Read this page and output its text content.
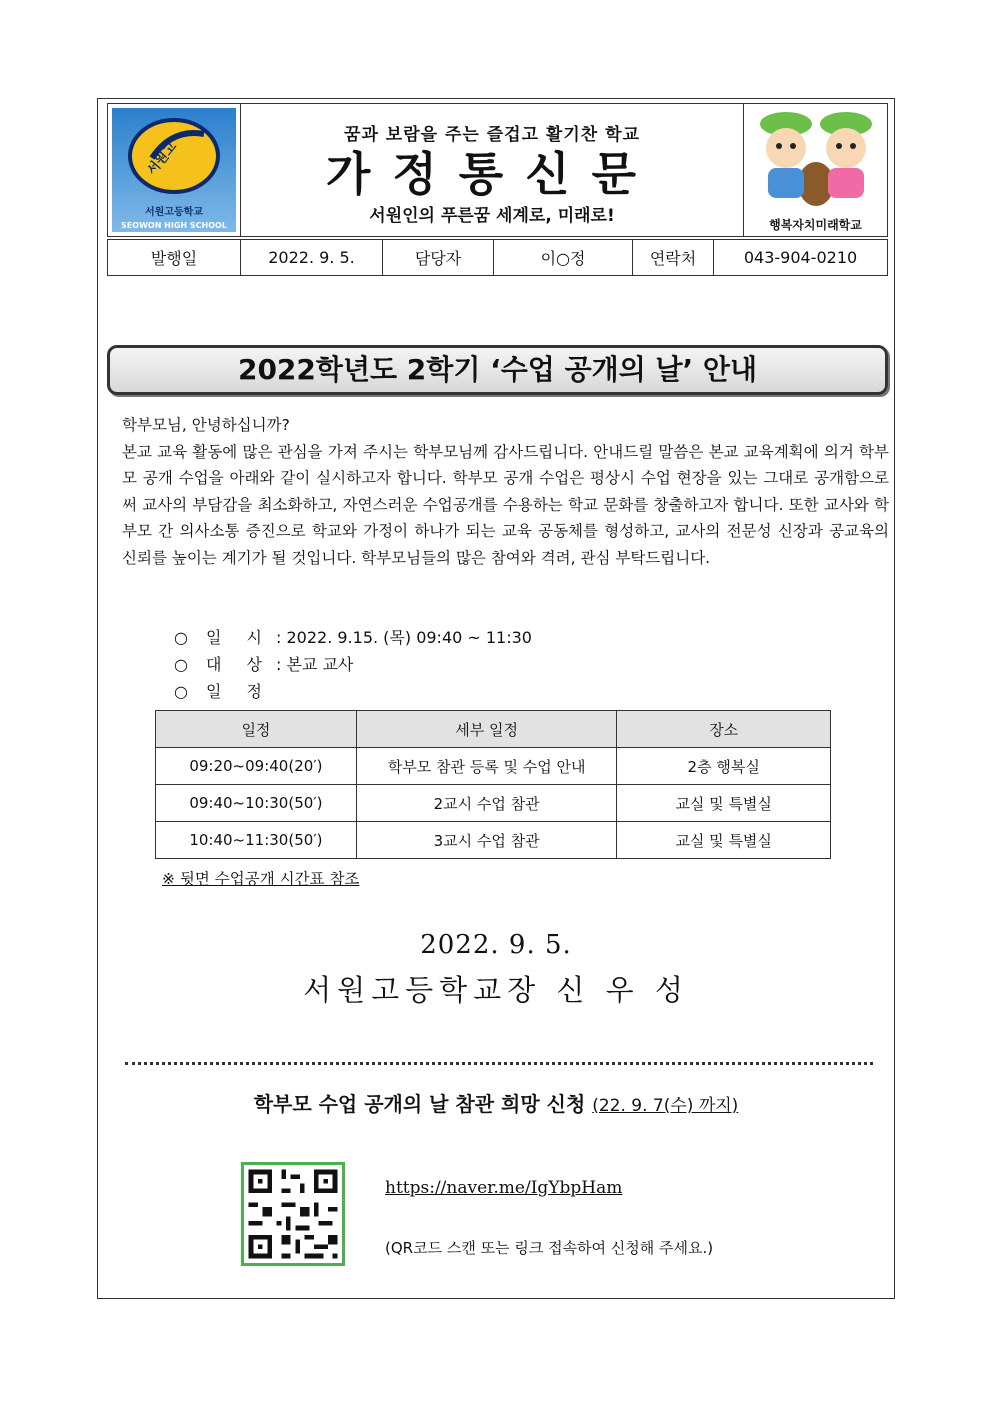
서원고
서원고등학교
SEOWON HIGH SCHOOL
꿈과 보람을 주는 즐겁고 활기찬 학교
가정통신문
서원인의 푸른꿈 세계로, 미래로!	행복자치미래학교
발행일	2022. 9. 5.	담당자	이○정	연락처	043-904-0210
2022학년도 2학기 ‘수업 공개의 날’ 안내

학부모님, 안녕하십니까?

본교 교육 활동에 많은 관심을 가져 주시는 학부모님께 감사드립니다. 안내드릴 말씀은 본교 교육계획에 의거 학부모 공개 수업을 아래와 같이 실시하고자 합니다. 학부모 공개 수업은 평상시 수업 현장을 있는 그대로 공개함으로써 교사의 부담감을 최소화하고, 자연스러운 수업공개를 수용하는 학교 문화를 창출하고자 합니다. 또한 교사와 학부모 간 의사소통 증진으로 학교와 가정이 하나가 되는 교육 공동체를 형성하고, 교사의 전문성 신장과 공교육의 신뢰를 높이는 계기가 될 것입니다. 학부모님들의 많은 참여와 격려, 관심 부탁드립니다.

○	일 시 : 2022. 9.15. (목) 09:40 ~ 11:30
○	대 상 : 본교 교사
○	일 정
일정	세부 일정	장소
09:20~09:40(20′)	학부모 참관 등록 및 수업 안내	2층 행복실
09:40~10:30(50′)	2교시 수업 참관	교실 및 특별실
10:40~11:30(50′)	3교시 수업 참관	교실 및 특별실
※ 뒷면 수업공개 시간표 참조
2022. 9. 5.
서원고등학교장 신 우 성
학부모 수업 공개의 날 참관 희망 신청 (22. 9. 7(수) 까지)
https://naver.me/IgYbpHam
(QR코드 스캔 또는 링크 접속하여 신청해 주세요.)
